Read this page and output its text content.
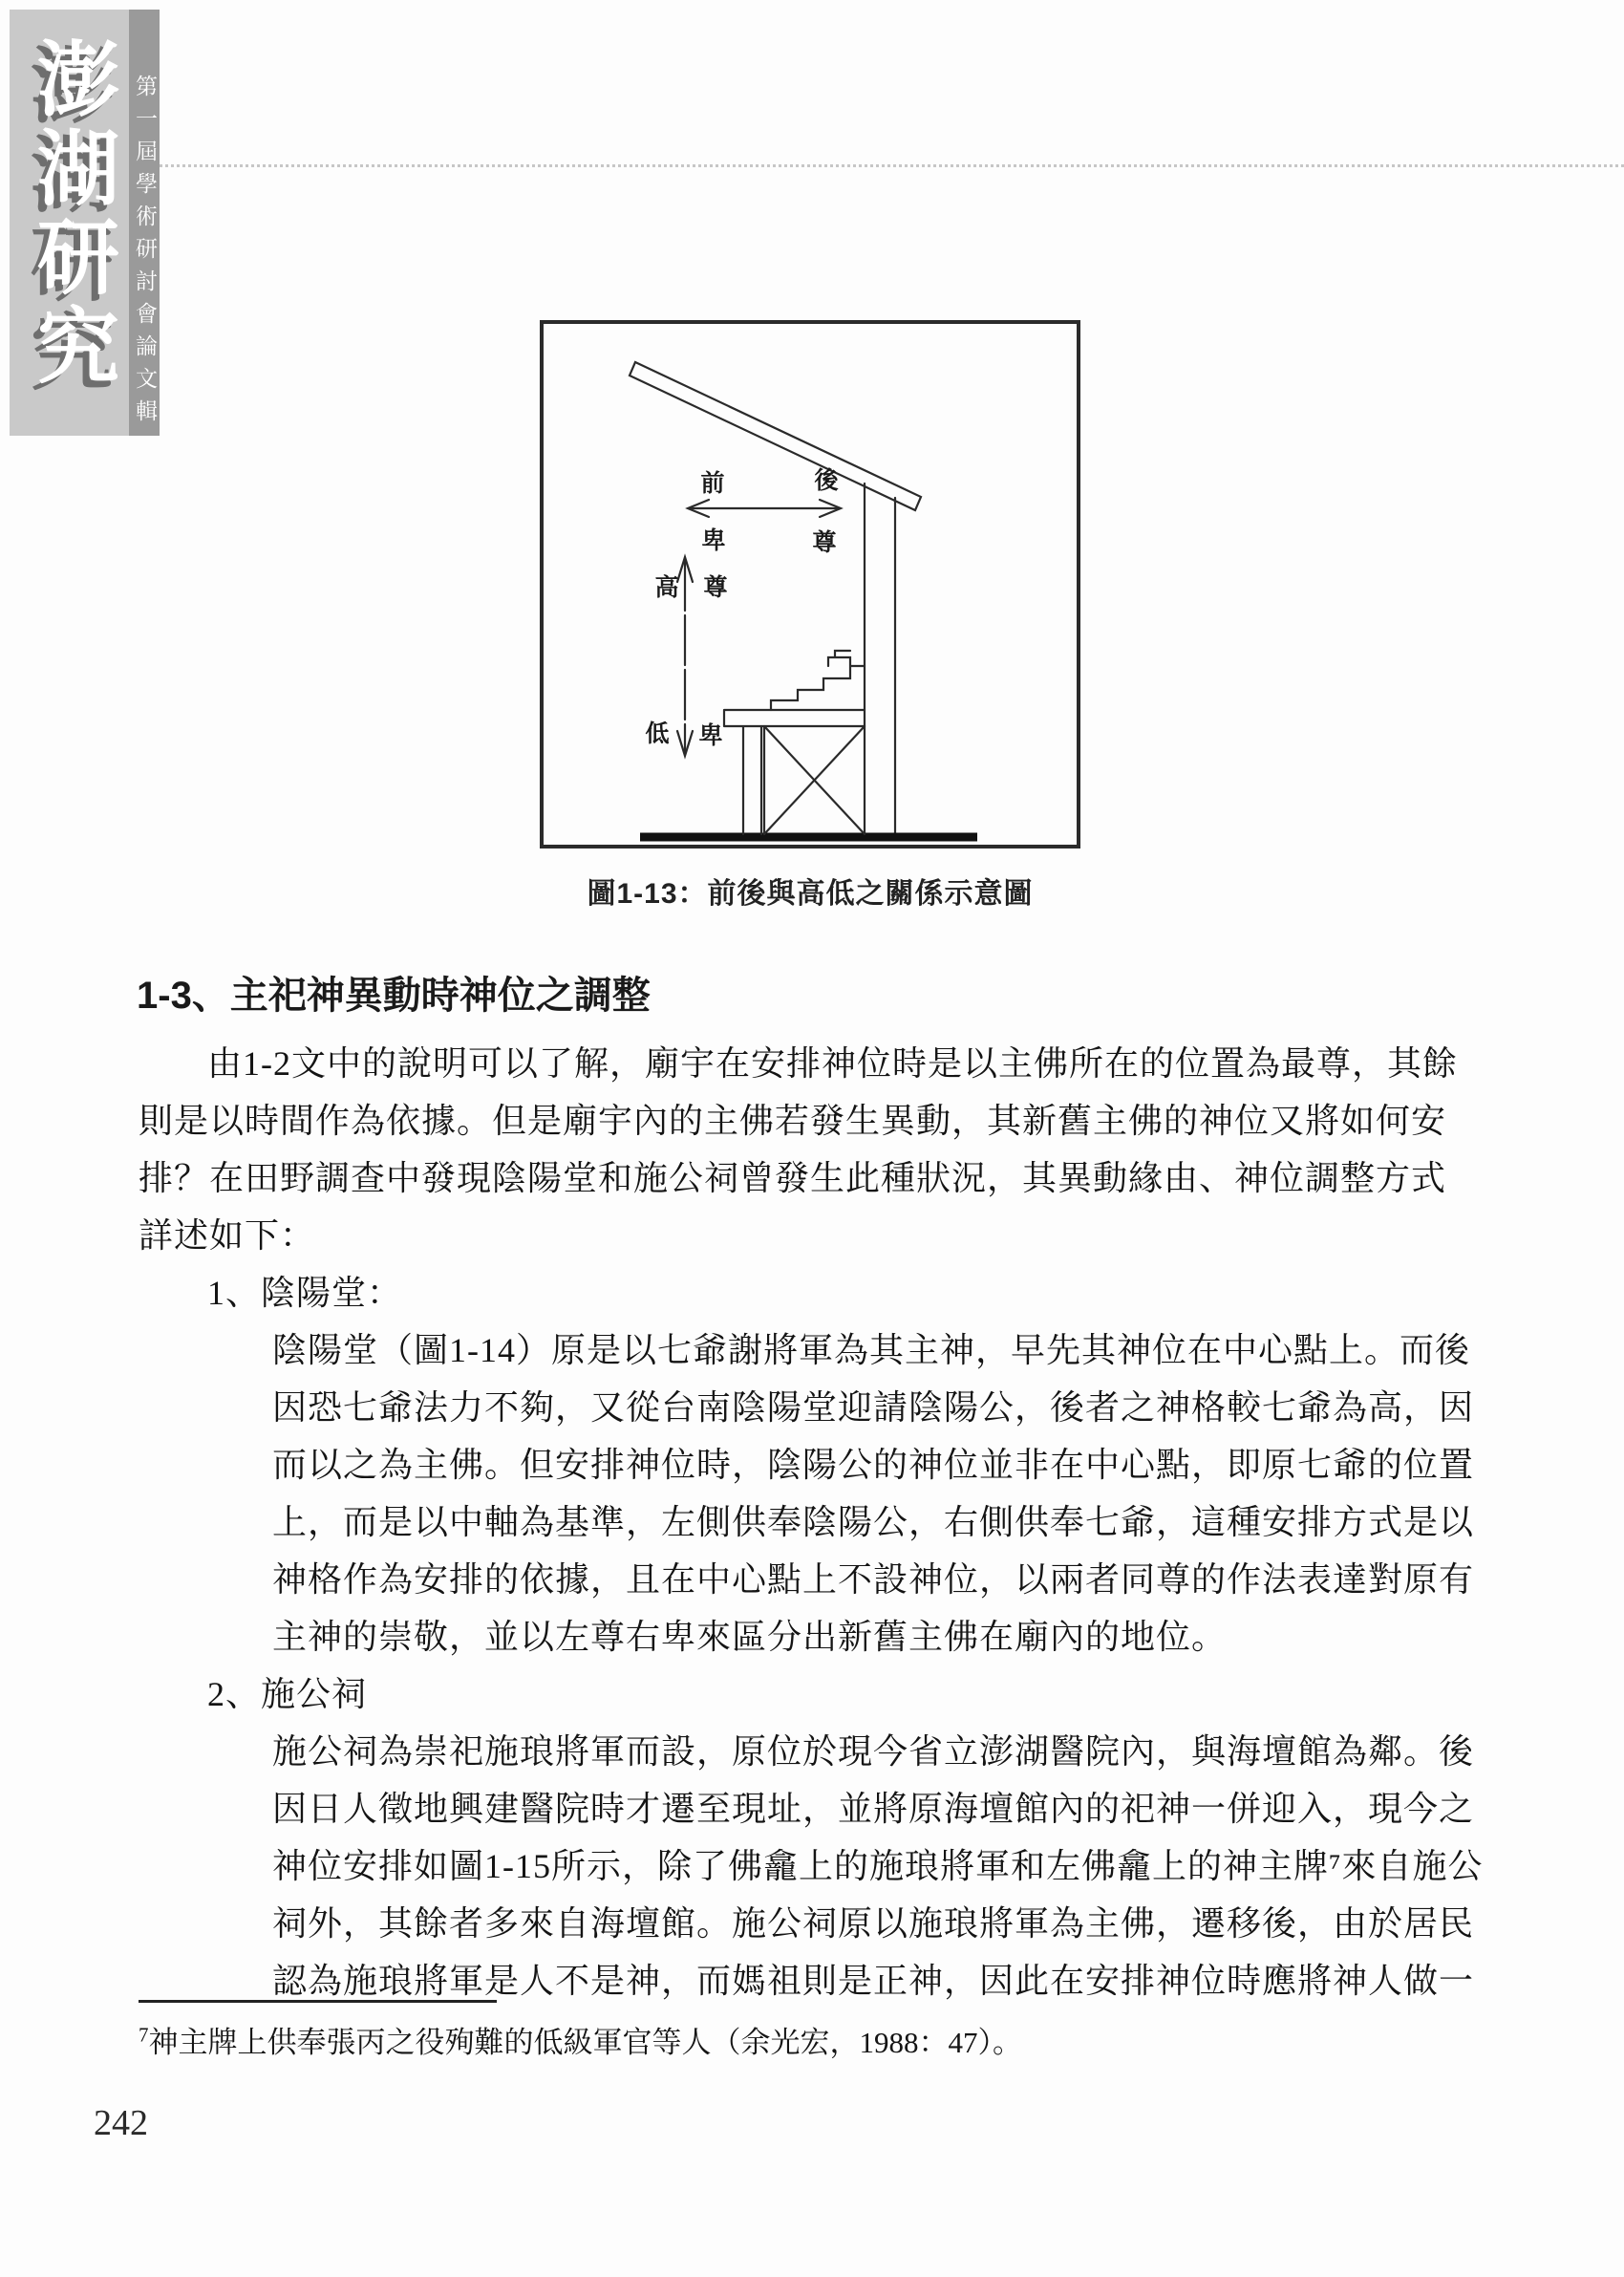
澎湖研究 第一屆學術研討會論文輯
前	後
卑	尊
高 尊
低 卑
圖1-13：前後與高低之關係示意圖
1-3、主祀神異動時神位之調整
由1-2文中的說明可以了解，廟宇在安排神位時是以主佛所在的位置為最尊，其餘
則是以時間作為依據。但是廟宇內的主佛若發生異動，其新舊主佛的神位又將如何安
排？在田野調查中發現陰陽堂和施公祠曾發生此種狀況，其異動緣由、神位調整方式
詳述如下：
1、陰陽堂：
陰陽堂（圖1-14）原是以七爺謝將軍為其主神，早先其神位在中心點上。而後
因恐七爺法力不夠，又從台南陰陽堂迎請陰陽公，後者之神格較七爺為高，因
而以之為主佛。但安排神位時，陰陽公的神位並非在中心點，即原七爺的位置
上，而是以中軸為基準，左側供奉陰陽公，右側供奉七爺，這種安排方式是以
神格作為安排的依據，且在中心點上不設神位，以兩者同尊的作法表達對原有
主神的崇敬，並以左尊右卑來區分出新舊主佛在廟內的地位。
2、施公祠
施公祠為崇祀施琅將軍而設，原位於現今省立澎湖醫院內，與海壇館為鄰。後
因日人徵地興建醫院時才遷至現址，並將原海壇館內的祀神一併迎入，現今之
神位安排如圖1-15所示，除了佛龕上的施琅將軍和左佛龕上的神主牌⁷來自施公
祠外，其餘者多來自海壇館。施公祠原以施琅將軍為主佛，遷移後，由於居民
認為施琅將軍是人不是神，而媽祖則是正神，因此在安排神位時應將神人做一
$^7$神主牌上供奉張丙之役殉難的低級軍官等人（余光宏，1988：47）。
242
